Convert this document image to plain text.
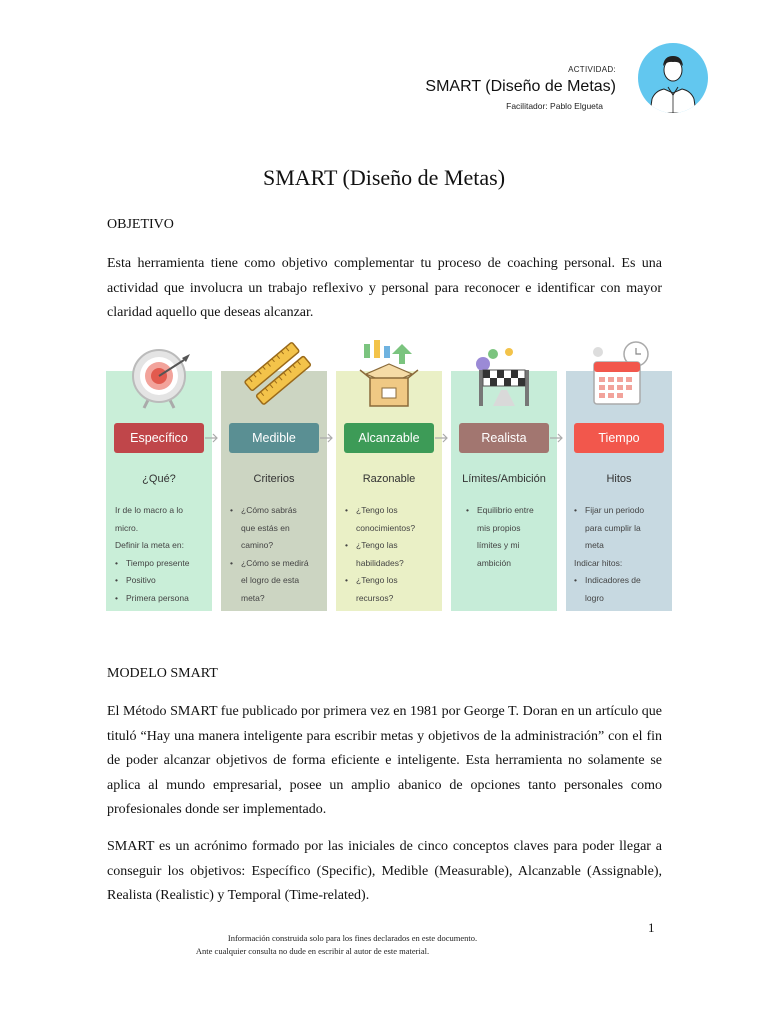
ACTIVIDAD:
SMART (Diseño de Metas)
Facilitador: Pablo Elgueta
SMART (Diseño de Metas)
OBJETIVO
Esta herramienta tiene como objetivo complementar tu proceso de coaching personal. Es una actividad que involucra un trabajo reflexivo y personal para reconocer e identificar con mayor claridad aquello que deseas alcanzar.
Específico
¿Qué?
Ir de lo macro a lo
micro.
Definir la meta en:
• Tiempo presente
• Positivo
• Primera persona
Medible
Criterios
• ¿Cómo sabrás
que estás en
camino?
• ¿Cómo se medirá
el logro de esta
meta?
Alcanzable
Razonable
• ¿Tengo los
conocimientos?
• ¿Tengo las
habilidades?
• ¿Tengo los
recursos?
Realista
Límites/Ambición
• Equilibrio entre
mis propios
límites y mi
ambición
Tiempo
Hitos
• Fijar un periodo
para cumplir la
meta
Indicar hitos:
• Indicadores de
logro
MODELO SMART
El Método SMART fue publicado por primera vez en 1981 por George T. Doran en un artículo que tituló “Hay una manera inteligente para escribir metas y objetivos de la administración” con el fin de poder alcanzar objetivos de forma eficiente e inteligente. Esta herramienta no solamente se aplica al mundo empresarial, posee un amplio abanico de opciones tanto personales como profesionales donde ser implementado.
SMART es un acrónimo formado por las iniciales de cinco conceptos claves para poder llegar a conseguir los objetivos: Específico (Specific), Medible (Measurable), Alcanzable (Assignable), Realista (Realistic) y Temporal (Time-related).
1
Información construida solo para los fines declarados en este documento.
Ante cualquier consulta no dude en escribir al autor de este material.
